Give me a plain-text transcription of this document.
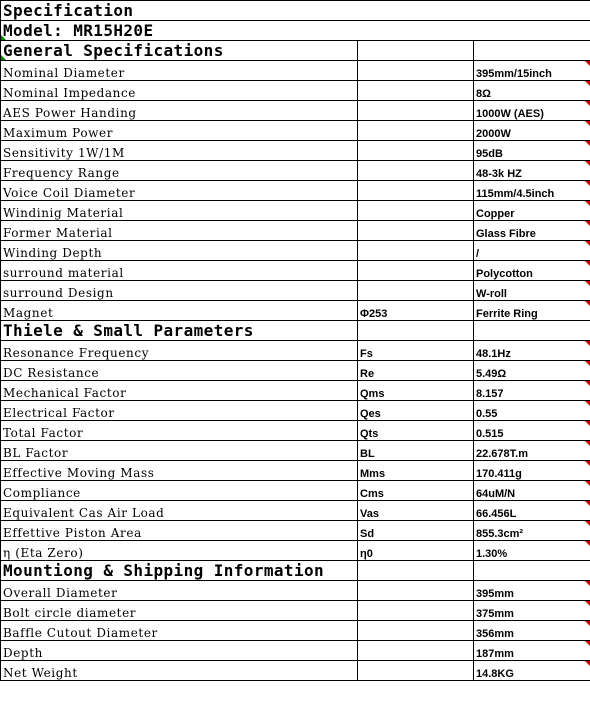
Specification		
Model: MR15H20E		
General Specifications		
Nominal Diameter		395mm/15inch
Nominal Impedance		8Ω
AES Power Handing		1000W (AES)
Maximum Power		2000W
Sensitivity 1W/1M		95dB
Frequency Range		48-3k HZ
Voice Coil Diameter		115mm/4.5inch
Windinig Material		Copper
Former Material		Glass Fibre
Winding Depth		/
surround material		Polycotton
surround Design		W-roll
Magnet	Φ253	Ferrite Ring
Thiele & Small Parameters		
Resonance Frequency	Fs	48.1Hz
DC Resistance	Re	5.49Ω
Mechanical Factor	Qms	8.157
Electrical Factor	Qes	0.55
Total Factor	Qts	0.515
BL Factor	BL	22.678T.m
Effective Moving Mass	Mms	170.411g
Compliance	Cms	64uM/N
Equivalent Cas Air Load	Vas	66.456L
Effettive Piston Area	Sd	855.3cm²
η (Eta Zero)	η0	1.30%
Mountiong & Shipping Information		
Overall Diameter		395mm
Bolt circle diameter		375mm
Baffle Cutout Diameter		356mm
Depth		187mm
Net Weight		14.8KG
